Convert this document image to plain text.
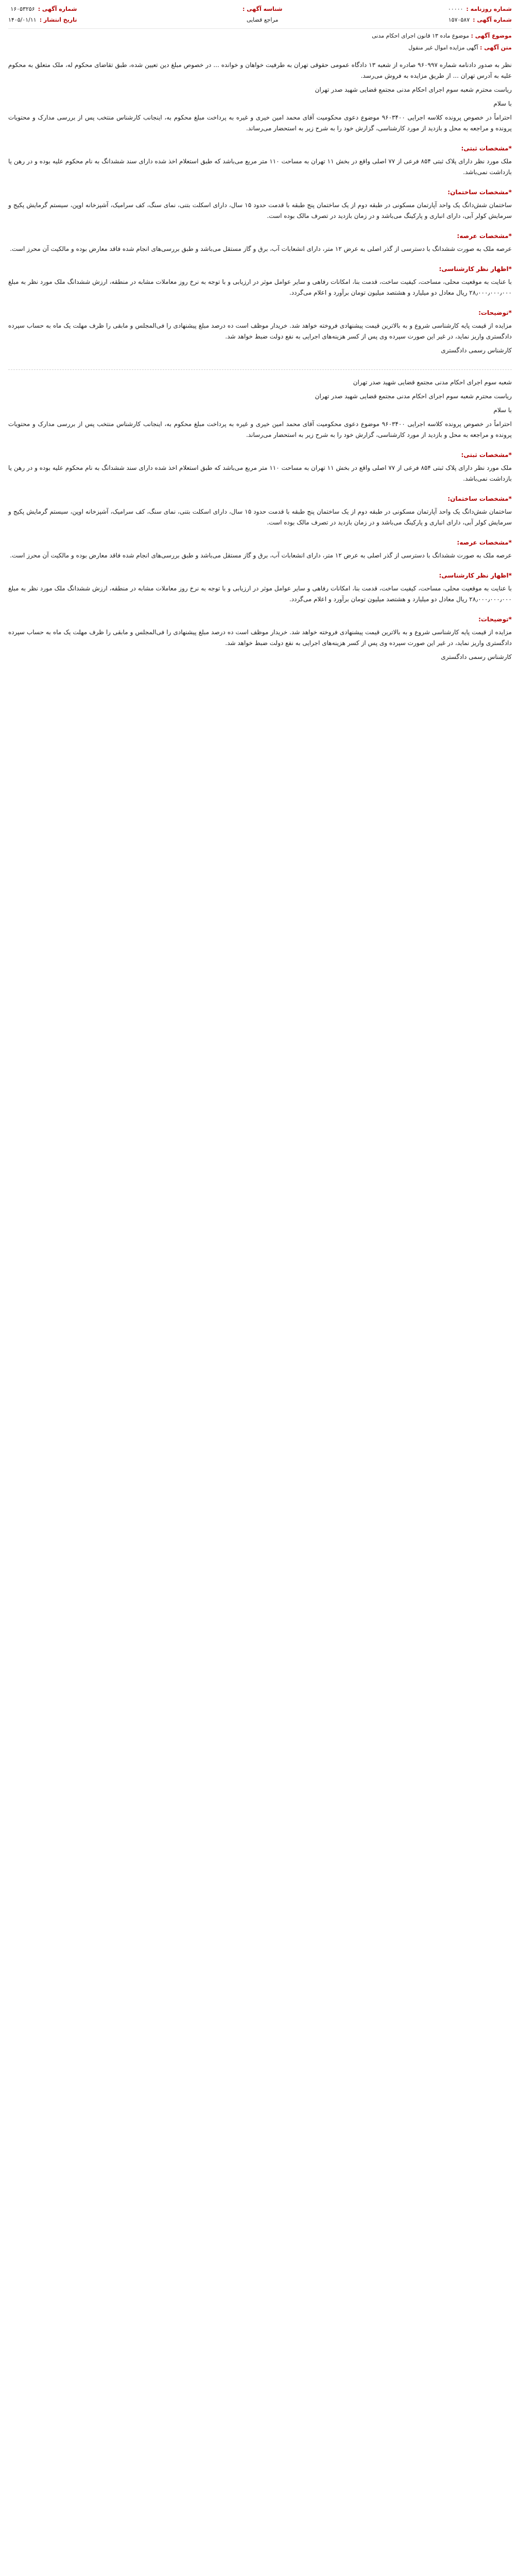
شماره روزنامه :
۰۰۰۰۰
شماره آگهی :
۱۵۷۰۵۸۷
شناسه آگهی :
مراجع قضایی
شماره آگهی :
۱۶۰۵۳۲۵۶
تاریخ انتشار :
۱۴۰۵/۰۱/۱۱
موضوع آگهی : موضوع ماده ۱۳ قانون اجرای احکام مدنی
متن آگهی : آگهی مزایده اموال غیر منقول

نظر به صدور دادنامه شماره ۹۶۰۹۹۷ صادره از شعبه ۱۳ دادگاه عمومی حقوقی تهران به طرفیت خواهان و خوانده ... در خصوص مبلغ دین تعیین شده، طبق تقاضای محکوم له، ملک متعلق به محکوم علیه به آدرس تهران ... از طریق مزایده به فروش می‌رسد.

ریاست محترم شعبه سوم اجرای احکام مدنی مجتمع قضایی شهید صدر تهران

با سلام

احتراماً در خصوص پرونده کلاسه اجرایی ۹۶۰۳۴۰۰ موضوع دعوی محکومیت آقای محمد امین خیری و غیره به پرداخت مبلغ محکوم به، اینجانب کارشناس منتخب پس از بررسی مدارک و محتویات پرونده و مراجعه به محل و بازدید از مورد کارشناسی، گزارش خود را به شرح زیر به استحضار می‌رساند.

*مشخصات ثبتی:

ملک مورد نظر دارای پلاک ثبتی ۸۵۴ فرعی از ۷۷ اصلی واقع در بخش ۱۱ تهران به مساحت ۱۱۰ متر مربع می‌باشد که طبق استعلام اخذ شده دارای سند ششدانگ به نام محکوم علیه بوده و در رهن یا بازداشت نمی‌باشد.

*مشخصات ساختمان:

ساختمان شش‌دانگ یک واحد آپارتمان مسکونی در طبقه دوم از یک ساختمان پنج طبقه با قدمت حدود ۱۵ سال، دارای اسکلت بتنی، نمای سنگ، کف سرامیک، آشپزخانه اوپن، سیستم گرمایش پکیج و سرمایش کولر آبی، دارای انباری و پارکینگ می‌باشد و در زمان بازدید در تصرف مالک بوده است.

*مشخصات عرصه:

عرصه ملک به صورت ششدانگ با دسترسی از گذر اصلی به عرض ۱۲ متر، دارای انشعابات آب، برق و گاز مستقل می‌باشد و طبق بررسی‌های انجام شده فاقد معارض بوده و مالکیت آن محرز است.

*اظهار نظر کارشناسی:

با عنایت به موقعیت محلی، مساحت، کیفیت ساخت، قدمت بنا، امکانات رفاهی و سایر عوامل موثر در ارزیابی و با توجه به نرخ روز معاملات مشابه در منطقه، ارزش ششدانگ ملک مورد نظر به مبلغ ۲۸٫۰۰۰٫۰۰۰٫۰۰۰ ریال معادل دو میلیارد و هشتصد میلیون تومان برآورد و اعلام می‌گردد.

*توضیحات:

مزایده از قیمت پایه کارشناسی شروع و به بالاترین قیمت پیشنهادی فروخته خواهد شد. خریدار موظف است ده درصد مبلغ پیشنهادی را فی‌المجلس و مابقی را ظرف مهلت یک ماه به حساب سپرده دادگستری واریز نماید، در غیر این صورت سپرده وی پس از کسر هزینه‌های اجرایی به نفع دولت ضبط خواهد شد.

کارشناس رسمی دادگستری

شعبه سوم اجرای احکام مدنی مجتمع قضایی شهید صدر تهران

ریاست محترم شعبه سوم اجرای احکام مدنی مجتمع قضایی شهید صدر تهران

با سلام

احتراماً در خصوص پرونده کلاسه اجرایی ۹۶۰۳۴۰۰ موضوع دعوی محکومیت آقای محمد امین خیری و غیره به پرداخت مبلغ محکوم به، اینجانب کارشناس منتخب پس از بررسی مدارک و محتویات پرونده و مراجعه به محل و بازدید از مورد کارشناسی، گزارش خود را به شرح زیر به استحضار می‌رساند.

*مشخصات ثبتی:

ملک مورد نظر دارای پلاک ثبتی ۸۵۴ فرعی از ۷۷ اصلی واقع در بخش ۱۱ تهران به مساحت ۱۱۰ متر مربع می‌باشد که طبق استعلام اخذ شده دارای سند ششدانگ به نام محکوم علیه بوده و در رهن یا بازداشت نمی‌باشد.

*مشخصات ساختمان:

ساختمان شش‌دانگ یک واحد آپارتمان مسکونی در طبقه دوم از یک ساختمان پنج طبقه با قدمت حدود ۱۵ سال، دارای اسکلت بتنی، نمای سنگ، کف سرامیک، آشپزخانه اوپن، سیستم گرمایش پکیج و سرمایش کولر آبی، دارای انباری و پارکینگ می‌باشد و در زمان بازدید در تصرف مالک بوده است.

*مشخصات عرصه:

عرصه ملک به صورت ششدانگ با دسترسی از گذر اصلی به عرض ۱۲ متر، دارای انشعابات آب، برق و گاز مستقل می‌باشد و طبق بررسی‌های انجام شده فاقد معارض بوده و مالکیت آن محرز است.

*اظهار نظر کارشناسی:

با عنایت به موقعیت محلی، مساحت، کیفیت ساخت، قدمت بنا، امکانات رفاهی و سایر عوامل موثر در ارزیابی و با توجه به نرخ روز معاملات مشابه در منطقه، ارزش ششدانگ ملک مورد نظر به مبلغ ۲۸٫۰۰۰٫۰۰۰٫۰۰۰ ریال معادل دو میلیارد و هشتصد میلیون تومان برآورد و اعلام می‌گردد.

*توضیحات:

مزایده از قیمت پایه کارشناسی شروع و به بالاترین قیمت پیشنهادی فروخته خواهد شد. خریدار موظف است ده درصد مبلغ پیشنهادی را فی‌المجلس و مابقی را ظرف مهلت یک ماه به حساب سپرده دادگستری واریز نماید، در غیر این صورت سپرده وی پس از کسر هزینه‌های اجرایی به نفع دولت ضبط خواهد شد.

کارشناس رسمی دادگستری
